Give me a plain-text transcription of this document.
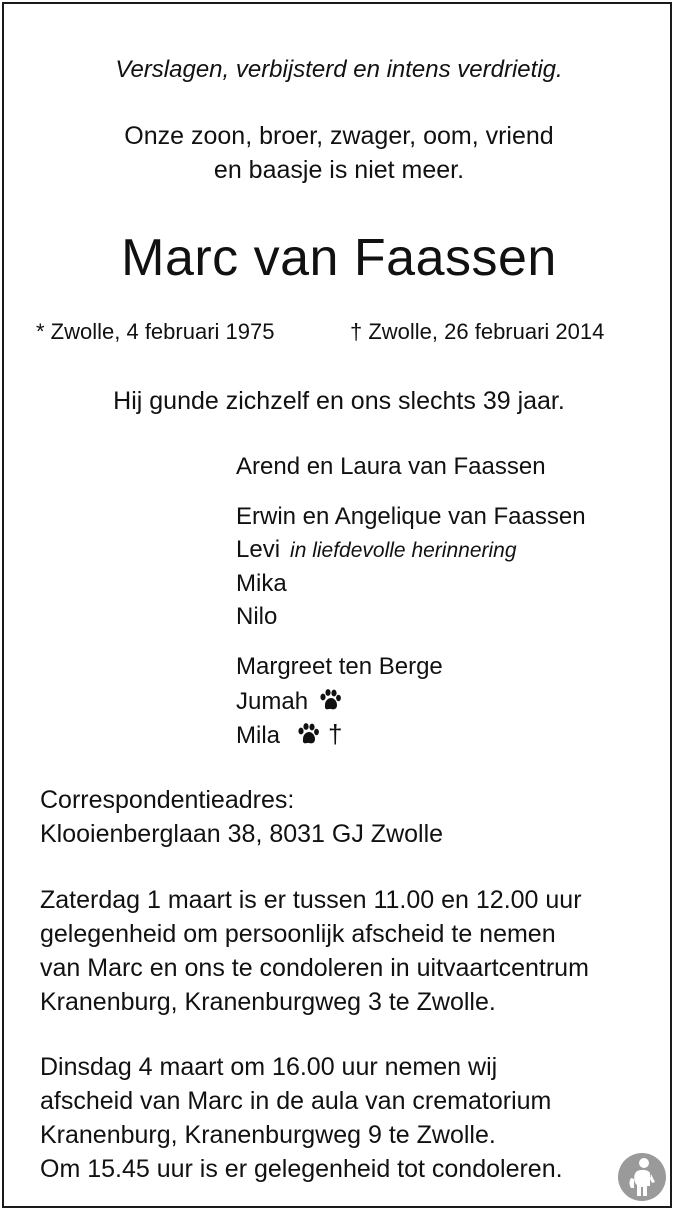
Verslagen, verbijsterd en intens verdrietig.
Onze zoon, broer, zwager, oom, vriend
en baasje is niet meer.
Marc van Faassen
* Zwolle, 4 februari 1975	† Zwolle, 26 februari 2014
Hij gunde zichzelf en ons slechts 39 jaar.
Arend en Laura van Faassen
Erwin en Angelique van Faassen
Levi in liefdevolle herinnering
Mika
Nilo
Margreet ten Berge
Jumah
Mila †
Correspondentieadres:
Klooienberglaan 38, 8031 GJ Zwolle
Zaterdag 1 maart is er tussen 11.00 en 12.00 uur
gelegenheid om persoonlijk afscheid te nemen
van Marc en ons te condoleren in uitvaartcentrum
Kranenburg, Kranenburgweg 3 te Zwolle.
Dinsdag 4 maart om 16.00 uur nemen wij
afscheid van Marc in de aula van crematorium
Kranenburg, Kranenburgweg 9 te Zwolle.
Om 15.45 uur is er gelegenheid tot condoleren.
